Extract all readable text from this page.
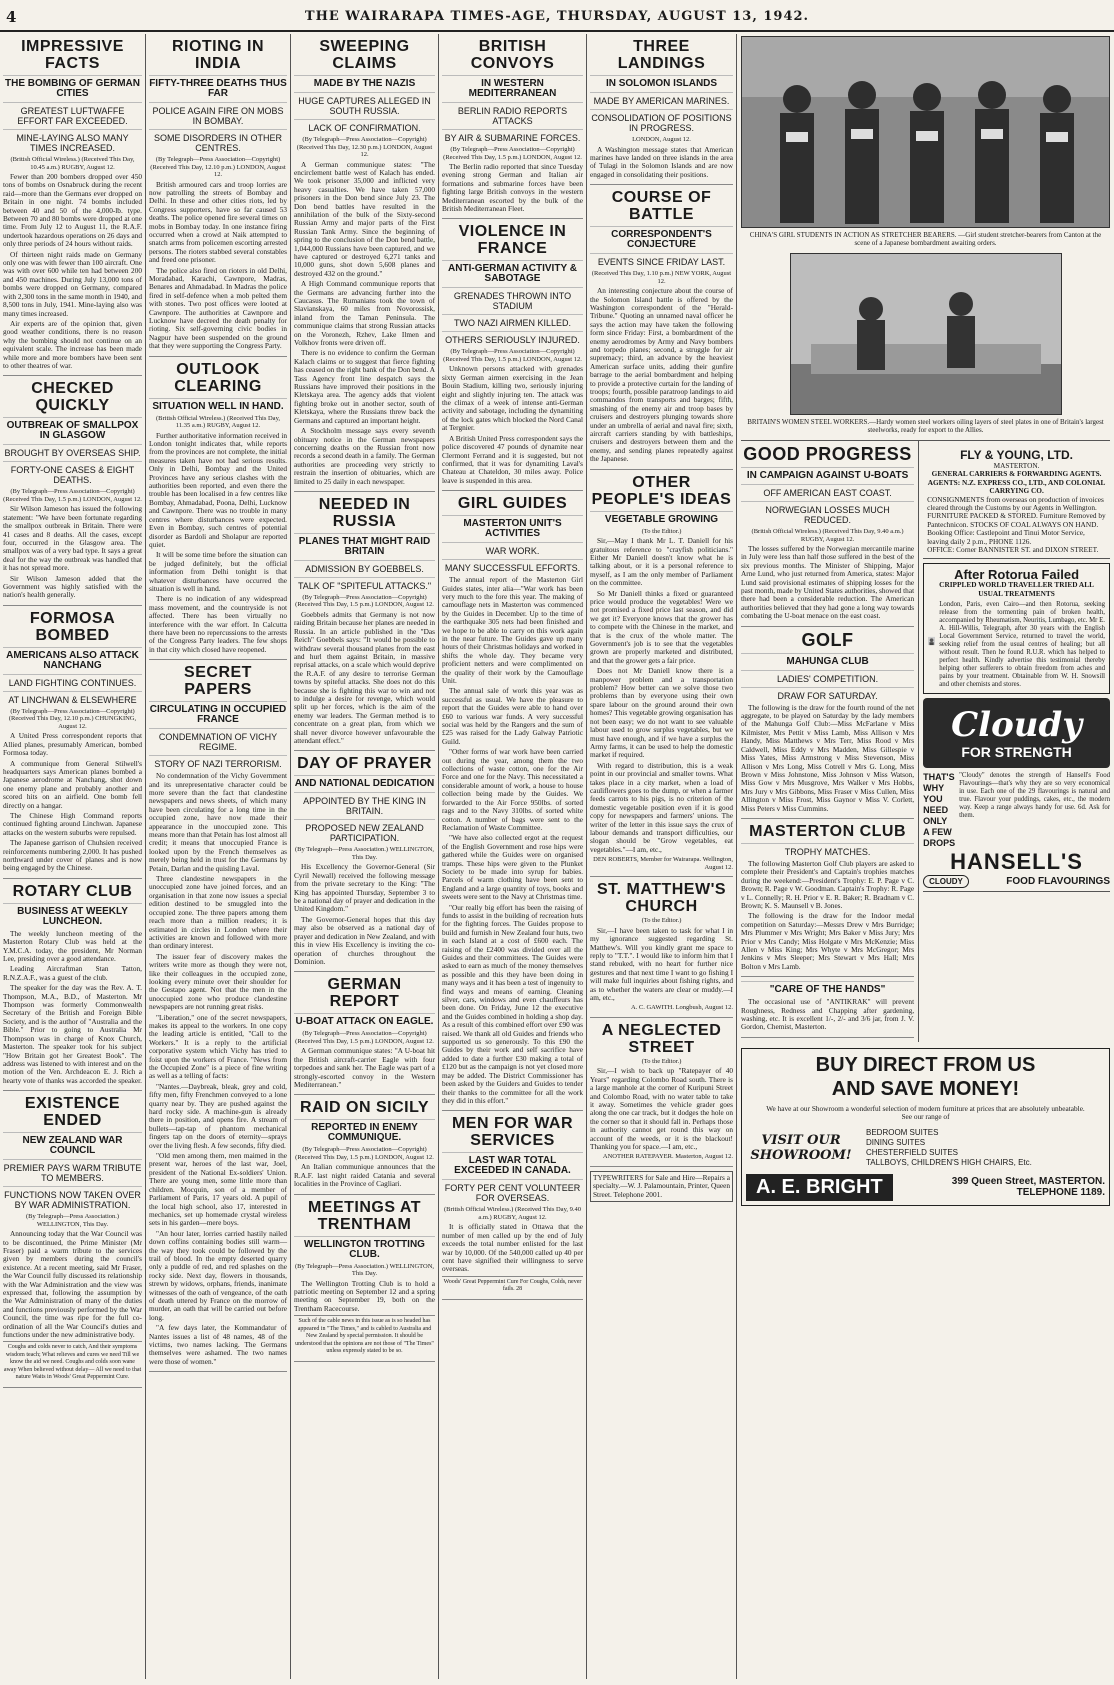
4	THE WAIRARAPA TIMES-AGE, THURSDAY, AUGUST 13, 1942.
IMPRESSIVE FACTS
THE BOMBING OF GERMAN CITIES
GREATEST LUFTWAFFE EFFORT FAR EXCEEDED.
MINE-LAYING ALSO MANY TIMES INCREASED.
(British Official Wireless.) (Received This Day, 10.45 a.m.) RUGBY, August 12.

Fewer than 200 bombers dropped over 450 tons of bombs on Osnabruck during the recent raid—more than the Germans ever dropped on Britain in one night. 74 bombs included between 40 and 50 of the 4,000-lb. type. Between 70 and 80 bombs were dropped at one time. From July 12 to August 11, the R.A.F. undertook hazardous operations on 26 days and only three periods of 24 hours without raids.

Of thirteen night raids made on Germany only one was with fewer than 100 aircraft. One was with over 600 while ten had between 200 and 450 machines. During July 13,000 tons of bombs were dropped on Germany, compared with 2,300 tons in the same month in 1940, and 8,500 tons in July, 1941. Mine-laying also was many times increased.

Air experts are of the opinion that, given good weather conditions, there is no reason why the bombing should not continue on an equivalent scale. The increase has been made while more and more bombers have been sent to other theatres of war.

CHECKED QUICKLY
OUTBREAK OF SMALLPOX IN GLASGOW
BROUGHT BY OVERSEAS SHIP.
FORTY-ONE CASES & EIGHT DEATHS.
(By Telegraph—Press Association—Copyright) (Received This Day, 1.5 p.m.) LONDON, August 12.

Sir Wilson Jameson has issued the following statement: "We have been fortunate regarding the smallpox outbreak in Britain. There were 41 cases and 8 deaths. All the cases, except four, occurred in the Glasgow area. The smallpox was of a very bad type. It says a great deal for the way the outbreak was handled that it has not spread more.

Sir Wilson Jameson added that the Government was highly satisfied with the nation's health generally.

FORMOSA BOMBED
AMERICANS ALSO ATTACK NANCHANG
LAND FIGHTING CONTINUES.
AT LINCHWAN & ELSEWHERE
(By Telegraph—Press Association—Copyright) (Received This Day, 12.10 p.m.) CHUNGKING, August 12.

A United Press correspondent reports that Allied planes, presumably American, bombed Formosa today.

A communique from General Stilwell's headquarters says American planes bombed a Japanese aerodrome at Nanchang, shot down one enemy plane and probably another and scored hits on an airfield. One bomb fell directly on a hangar.

The Chinese High Command reports continued fighting around Linchwan. Japanese attacks on the western suburbs were repulsed.

The Japanese garrison of Chuhsien received reinforcements numbering 2,000. It has pushed northward under cover of planes and is now being engaged by the Chinese.

ROTARY CLUB
BUSINESS AT WEEKLY LUNCHEON.

The weekly luncheon meeting of the Masterton Rotary Club was held at the Y.M.C.A. today, the president, Mr Norman Lee, presiding over a good attendance.

Leading Aircraftman Stan Tatton, R.N.Z.A.F., was a guest of the club.

The speaker for the day was the Rev. A. T. Thompson, M.A., B.D., of Masterton. Mr Thompson was formerly Commonwealth Secretary of the British and Foreign Bible Society, and is the author of "Australia and the Bible." Prior to going to Australia Mr Thompson was in charge of Knox Church, Masterton. The speaker took for his subject "How Britain got her Greatest Book". The address was listened to with interest and on the motion of the Ven. Archdeacon E. J. Rich a hearty vote of thanks was accorded the speaker.

EXISTENCE ENDED
NEW ZEALAND WAR COUNCIL
PREMIER PAYS WARM TRIBUTE TO MEMBERS.
FUNCTIONS NOW TAKEN OVER BY WAR ADMINISTRATION.
(By Telegraph—Press Association.) WELLINGTON, This Day.

Announcing today that the War Council was to be discontinued, the Prime Minister (Mr Fraser) paid a warm tribute to the services given by members during the council's existence. At a recent meeting, said Mr Fraser, the War Council fully discussed its relationship with the War Administration and the view was expressed that, following the assumption by the War Administration of many of the duties and functions previously performed by the War Council, the time was ripe for the full co-ordination of all the War Council's duties and functions under the new administrative body.

Coughs and colds never to catch, And their symptoms wisdom teach; What relieves and cures we need Till we know the aid we need. Coughs and colds soon wane away When believed without delay— All we need to that nature Waits in Woods' Great Peppermint Cure.
RIOTING IN INDIA
FIFTY-THREE DEATHS THUS FAR
POLICE AGAIN FIRE ON MOBS IN BOMBAY.
SOME DISORDERS IN OTHER CENTRES.
(By Telegraph—Press Association—Copyright) (Received This Day, 12.10 p.m.) LONDON, August 12.

British armoured cars and troop lorries are now patrolling the streets of Bombay and Delhi. In these and other cities riots, led by Congress supporters, have so far caused 53 deaths. The police opened fire several times on mobs in Bombay today. In one instance firing occurred when a crowd at Naik attempted to snatch arms from policemen escorting arrested persons. The rioters stabbed several constables and freed one prisoner.

The police also fired on rioters in old Delhi, Moradabad, Karachi, Cawnpore, Madras, Benares and Ahmadabad. In Madras the police fired in self-defence when a mob pelted them with stones. Two post offices were looted at Cawnpore. The authorities at Cawnpore and Lucknow have decreed the death penalty for rioting. Six self-governing civic bodies in Nagpur have been suspended on the ground that they were supporting the Congress Party.

OUTLOOK CLEARING
SITUATION WELL IN HAND.
(British Official Wireless.) (Received This Day, 11.35 a.m.) RUGBY, August 12.

Further authoritative information received in London tonight indicates that, while reports from the provinces are not complete, the initial measures taken have not had serious results. Only in Delhi, Bombay and the United Provinces have any serious clashes with the authorities been reported, and even there the trouble has been localised in a few centres like Bombay, Ahmadabad, Poona, Delhi, Lucknow and Cawnpore. There was no trouble in many centres where disturbances were expected. Even in Bombay, such centres of potential disorder as Bardoli and Sholapur are reported quiet.

It will be some time before the situation can be judged definitely, but the official information from Delhi tonight is that whatever disturbances have occurred the situation is well in hand.

There is no indication of any widespread mass movement, and the countryside is not affected. There has been virtually no interference with the war effort. In Calcutta there have been no repercussions to the arrests of the Congress Party leaders. The few shops in that city which closed have reopened.

SECRET PAPERS
CIRCULATING IN OCCUPIED FRANCE
CONDEMNATION OF VICHY REGIME.
STORY OF NAZI TERRORISM.

No condemnation of the Vichy Government and its unrepresentative character could be more severe than the fact that clandestine newspapers and news sheets, of which many have been circulating for a long time in the occupied zone, have now made their appearance in the unoccupied zone. This means more than that Petain has lost almost all credit; it means that unoccupied France is looked upon by the French themselves as merely being held in trust for the Germans by Petain, Darlan and the quisling Laval.

Three clandestine newspapers in the unoccupied zone have joined forces, and an organisation in that zone now issues a special edition destined to be smuggled into the occupied zone. The three papers among them reach more than a million readers; it is estimated in circles in London where their activities are known and followed with more than ordinary interest.

The issuer fear of discovery makes the writers write more as though they were not, like their colleagues in the occupied zone, looking every minute over their shoulder for the Gestapo agent. Not that the men in the unoccupied zone who produce clandestine newspapers are not running great risks.

"Liberation," one of the secret newspapers, makes its appeal to the workers. In one copy the leading article is entitled, "Call to the Workers." It is a reply to the artificial corporative system which Vichy has tried to foist upon the workers of France. "News from the Occupied Zone" is a piece of fine writing as well as a telling of facts:

"Nantes.—Daybreak, bleak, grey and cold, fifty men, fifty Frenchmen conveyed to a lone quarry near by. They are pushed against the hard rocky side. A machine-gun is already there in position, and opens fire. A stream of bullets—tap-tap of phantom mechanical fingers tap on the doors of eternity—sprays over the living flesh. A few seconds, fifty died.

"Old men among them, men maimed in the present war, heroes of the last war, Joel, president of the National Ex-soldiers' Union. There are young men, some little more than children. Mocquin, son of a member of Parliament of Paris, 17 years old. A pupil of the local high school, also 17, interested in mechanics, set up homemade crystal wireless sets in his garden—mere boys.

"An hour later, lorries carried hastily nailed down coffins containing bodies still warm—the way they took could be followed by the trail of blood. In the empty deserted quarry only a puddle of red, and red splashes on the rocky side. Next day, flowers in thousands, strewn by widows, orphans, friends, inanimate witnesses of the oath of vengeance, of the oath of death uttered by France on the morrow of murder, an oath that will be carried out before long.

"A few days later, the Kommandatur of Nantes issues a list of 48 names, 48 of the victims, two names lacking. The Germans themselves were ashamed. The two names were those of women."

SWEEPING CLAIMS
MADE BY THE NAZIS
HUGE CAPTURES ALLEGED IN SOUTH RUSSIA.
LACK OF CONFIRMATION.
(By Telegraph—Press Association—Copyright) (Received This Day, 12.30 p.m.) LONDON, August 12.

A German communique states: "The encirclement battle west of Kalach has ended. We took prisoner 35,000 and inflicted very heavy casualties. We have taken 57,000 prisoners in the Don bend since July 23. The Don bend battles have resulted in the annihilation of the bulk of the Sixty-second Russian Army and major parts of the First Russian Tank Army. Since the beginning of spring to the conclusion of the Don bend battle, 1,044,000 Russians have been captured, and we have captured or destroyed 6,271 tanks and 10,000 guns, shot down 5,608 planes and destroyed 432 on the ground."

A High Command communique reports that the Germans are advancing further into the Caucasus. The Rumanians took the town of Slavianskaya, 60 miles from Novorossisk, inland from the Taman Peninsula. The communique claims that strong Russian attacks on the Voronezh, Rzhev, Lake Ilmen and Volkhov fronts were driven off.

There is no evidence to confirm the German Kalach claims or to suggest that fierce fighting has ceased on the right bank of the Don bend. A Tass Agency front line despatch says the Russians have improved their positions in the Kletskaya area. The agency adds that violent fighting broke out in another sector, south of Kletskaya, where the Russians threw back the Germans and captured an important height.

A Stockholm message says every seventh obituary notice in the German newspapers concerning deaths on the Russian front now records a second death in a family. The German authorities are proceeding very strictly to restrain the insertion of obituaries, which are limited to 25 daily in each newspaper.

NEEDED IN RUSSIA
PLANES THAT MIGHT RAID BRITAIN
ADMISSION BY GOEBBELS.
TALK OF "SPITEFUL ATTACKS."
(By Telegraph—Press Association—Copyright) (Received This Day, 1.5 p.m.) LONDON, August 12.

Goebbels admits that Germany is not now raiding Britain because her planes are needed in Russia. In an article published in the "Das Reich" Goebbels says: "It would be possible to withdraw several thousand planes from the east and hurl them against Britain, in massive reprisal attacks, on a scale which would deprive the R.A.F. of any desire to terrorise German towns by spiteful attacks. She does not do this because she is fighting this war to win and not to indulge a desire for revenge, which would split up her forces, which is the aim of the enemy war leaders. The German method is to concentrate on a great plan, from which we shall never divorce however unfavourable the attendant effect."

DAY OF PRAYER
AND NATIONAL DEDICATION
APPOINTED BY THE KING IN BRITAIN.
PROPOSED NEW ZEALAND PARTICIPATION.
(By Telegraph—Press Association.) WELLINGTON, This Day.

His Excellency the Governor-General (Sir Cyril Newall) received the following message from the private secretary to the King: "The King has appointed Thursday, September 3 to be a national day of prayer and dedication in the United Kingdom."

The Governor-General hopes that this day may also be observed as a national day of prayer and dedication in New Zealand, and with this in view His Excellency is inviting the co-operation of churches throughout the Dominion.

GERMAN REPORT
U-BOAT ATTACK ON EAGLE.
(By Telegraph—Press Association—Copyright) (Received This Day, 1.5 p.m.) LONDON, August 12.

A German communique states: "A U-boat hit the British aircraft-carrier Eagle with four torpedoes and sank her. The Eagle was part of a strongly-escorted convoy in the Western Mediterranean."

RAID ON SICILY
REPORTED IN ENEMY COMMUNIQUE.
(By Telegraph—Press Association—Copyright) (Received This Day, 1.5 p.m.) LONDON, August 12.

An Italian communique announces that the R.A.F. last night raided Catania and several localities in the Province of Cagliari.

MEETINGS AT TRENTHAM
WELLINGTON TROTTING CLUB.
(By Telegraph—Press Association.) WELLINGTON, This Day.

The Wellington Trotting Club is to hold a patriotic meeting on September 12 and a spring meeting on September 19, both on the Trentham Racecourse.

Such of the cable news in this issue as is so headed has appeared in "The Times," and is cabled to Australia and New Zealand by special permission. It should be understood that the opinions are not those of "The Times" unless expressly stated to be so.
BRITISH CONVOYS
IN WESTERN MEDITERRANEAN
BERLIN RADIO REPORTS ATTACKS
BY AIR & SUBMARINE FORCES.
(By Telegraph—Press Association—Copyright) (Received This Day, 1.5 p.m.) LONDON, August 12.

The Berlin radio reported that since Tuesday evening strong German and Italian air formations and submarine forces have been fighting large British convoys in the western Mediterranean escorted by the bulk of the British Mediterranean Fleet.

VIOLENCE IN FRANCE
ANTI-GERMAN ACTIVITY & SABOTAGE
GRENADES THROWN INTO STADIUM
TWO NAZI AIRMEN KILLED.
OTHERS SERIOUSLY INJURED.
(By Telegraph—Press Association—Copyright) (Received This Day, 1.5 p.m.) LONDON, August 12.

Unknown persons attacked with grenades sixty German airmen exercising in the Jean Bouin Stadium, killing two, seriously injuring eight and slightly injuring ten. The attack was the climax of a week of intense anti-German activity and sabotage, including the dynamiting of the lock gates which blocked the Nord Canal at Tergnier.

A British United Press correspondent says the police discovered 47 pounds of dynamite near Clermont Ferrand and it is suggested, but not confirmed, that it was for dynamiting Laval's Chateau at Chateldon, 30 miles away. Police leave is suspended in this area.

GIRL GUIDES
MASTERTON UNIT'S ACTIVITIES
WAR WORK.
MANY SUCCESSFUL EFFORTS.

The annual report of the Masterton Girl Guides states, inter alia—"War work has been very much to the fore this year. The making of camouflage nets in Masterton was commenced by the Guides in December. Up to the time of the earthquake 305 nets had been finished and we hope to be able to carry on this work again in the near future. The Guides gave up many hours of their Christmas holidays and worked in shifts the whole day. They became very proficient netters and were complimented on the quality of their work by the Camouflage Unit.

The annual sale of work this year was as successful as usual. We have the pleasure to report that the Guides were able to hand over £60 to various war funds. A very successful social was held by the Rangers and the sum of £25 was raised for the Lady Galway Patriotic Guild.

"Other forms of war work have been carried out during the year, among them the two collections of waste cotton, one for the Air Force and one for the Navy. This necessitated a considerable amount of work, a house to house collection being made by the Guides. We forwarded to the Air Force 950lbs. of sorted rags and to the Navy 310lbs. of sorted white cotton. A number of bags were sent to the Reclamation of Waste Committee.

"We have also collected ergot at the request of the English Government and rose hips were gathered while the Guides were on organised tramps. These hips were given to the Plunket Society to be made into syrup for babies. Parcels of warm clothing have been sent to England and a large quantity of toys, books and sweets were sent to the Navy at Christmas time.

"Our really big effort has been the raising of funds to assist in the building of recreation huts for the fighting forces. The Guides propose to build and furnish in New Zealand four huts, two in each Island at a cost of £600 each. The raising of the £2400 was divided over all the Guides and their committees. The Guides were asked to earn as much of the money themselves as possible and this they have been doing in many ways and it has been a test of ingenuity to find ways and means of earning. Cleaning silver, cars, windows and even chauffeurs has been done. On Friday, June 12 the executive and the Guides combined in holding a shop day. As a result of this combined effort over £90 was raised. We thank all old Guides and friends who supported us so generously. To this £90 the Guides by their work and self sacrifice have added to date a further £30 making a total of £120 but as the campaign is not yet closed more may be added. The District Commissioner has been asked by the Guiders and Guides to tender their thanks to the committee for all the work they did in this effort."

MEN FOR WAR SERVICES
LAST WAR TOTAL EXCEEDED IN CANADA.
FORTY PER CENT VOLUNTEER FOR OVERSEAS.
(British Official Wireless.) (Received This Day, 9.40 a.m.) RUGBY, August 12.

It is officially stated in Ottawa that the number of men called up by the end of July exceeds the total number enlisted for the last war by 10,000. Of the 540,000 called up 40 per cent have signified their willingness to serve overseas.

Woods' Great Peppermint Cure For Coughs, Colds, never fails. 28
THREE LANDINGS
IN SOLOMON ISLANDS
MADE BY AMERICAN MARINES.
CONSOLIDATION OF POSITIONS IN PROGRESS.
LONDON, August 12.

A Washington message states that American marines have landed on three islands in the area of Tulagi in the Solomon Islands and are now engaged in consolidating their positions.

COURSE OF BATTLE
CORRESPONDENT'S CONJECTURE
EVENTS SINCE FRIDAY LAST.
(Received This Day, 1.10 p.m.) NEW YORK, August 12.

An interesting conjecture about the course of the Solomon Island battle is offered by the Washington correspondent of the "Herald-Tribune." Quoting an unnamed naval officer he says the action may have taken the following form since Friday: First, a bombardment of the enemy aerodromes by Army and Navy bombers and torpedo planes; second, a struggle for air supremacy; third, an advance by the heaviest American surface units, adding their gunfire barrage to the aerial bombardment and helping to provide a protective curtain for the landing of troops; fourth, possible paratroop landings to aid commandos from transports and barges; fifth, smashing of the enemy air and troop bases by cruisers and destroyers plunging towards shore under an umbrella of aerial and naval fire; sixth, aircraft carriers standing by with battleships, cruisers and destroyers between them and the enemy, and sending planes repeatedly against the Japanese.

OTHER PEOPLE'S IDEAS
VEGETABLE GROWING
(To the Editor.)

Sir,—May I thank Mr L. T. Daniell for his gratuitous reference to "crayfish politicians." Either Mr Daniell doesn't know what he is talking about, or it is a personal reference to myself, as I am the only member of Parliament on the committee.

So Mr Daniell thinks a fixed or guaranteed price would produce the vegetables! Were we not promised a fixed price last season, and did we get it? Everyone knows that the grower has to compete with the Chinese in the market, and that is the crux of the whole matter. The Government's job is to see that the vegetables grown are properly marketed and distributed, and that the grower gets a fair price.

Does not Mr Daniell know there is a manpower problem and a transportation problem? How better can we solve those two problems than by everyone using their own spare labour on the ground around their own homes? This vegetable growing organisation has not been easy; we do not want to see valuable labour used to grow surplus vegetables, but we must have enough, and if we have a surplus the Army farms, it can be used to help the domestic market if required.

With regard to distribution, this is a weak point in our provincial and smaller towns. What takes place in a city market, when a load of cauliflowers goes to the dump, or when a farmer feeds carrots to his pigs, is no criterion of the domestic vegetable position even if it is good copy for newspapers and farmers' unions. The writer of the letter in this issue says the crux of labour demands and transport difficulties, our slogan should be "Grow vegetables, eat vegetables."—I am, etc.,

DEN ROBERTS, Member for Wairarapa. Wellington, August 12.
ST. MATTHEW'S CHURCH
(To the Editor.)

Sir,—I have been taken to task for what I in my ignorance suggested regarding St. Matthew's. Will you kindly grant me space to reply to "T.T.". I would like to inform him that I stand rebuked, with no heart for further nice gestures and that next time I want to go fishing I will make full inquiries about fishing rights, and as to whether the waters are clear or muddy.—I am, etc.,

A. C. GAWITH. Longbush, August 12.
A NEGLECTED STREET
(To the Editor.)

Sir,—I wish to back up "Ratepayer of 40 Years" regarding Colombo Road south. There is a large manhole at the corner of Kuripuni Street and Colombo Road, with no water table to take it away. Sometimes the vehicle grader goes along the one car track, but it dodges the hole on the corner so that it should fall in. Perhaps those in authority cannot get round this way on account of the weeds, or it is the blackout! Thanking you for space.—I am, etc.,

ANOTHER RATEPAYER. Masterton, August 12.
TYPEWRITERS for Sale and Hire—Repairs a specialty.—W. J. Palamountain, Printer, Queen Street. Telephone 2001.
CHINA'S GIRL STUDENTS IN ACTION AS STRETCHER BEARERS. —Girl student stretcher-bearers from Canton at the scene of a Japanese bombardment awaiting orders.
BRITAIN'S WOMEN STEEL WORKERS.—Hardy women steel workers oiling layers of steel plates in one of Britain's largest steelworks, ready for export to the Allies.
GOOD PROGRESS
IN CAMPAIGN AGAINST U-BOATS
OFF AMERICAN EAST COAST.
NORWEGIAN LOSSES MUCH REDUCED.
(British Official Wireless.) (Received This Day, 9.40 a.m.) RUGBY, August 12.

The losses suffered by the Norwegian mercantile marine in July were less than half those suffered in the best of the six previous months. The Minister of Shipping, Major Arne Lund, who just returned from America, states: Major Lund said provisional estimates of shipping losses for the past month, made by United States authorities, showed that there had been a considerable reduction. The American authorities believed that they had gone a long way towards combating the U-boat menace on the east coast.

GOLF
MAHUNGA CLUB
LADIES' COMPETITION.
DRAW FOR SATURDAY.

The following is the draw for the fourth round of the net aggregate, to be played on Saturday by the lady members of the Mahunga Golf Club:—Miss McFarlane v Miss Kilmister, Mrs Pettit v Miss Lamb, Miss Allison v Mrs Handy, Miss Matthews v Mrs Terr, Miss Rood v Mrs Caldwell, Miss Eddy v Mrs Madden, Miss Gillespie v Miss Yates, Miss Armstrong v Miss Stevenson, Miss Allison v Mrs Long, Miss Cotrell v Mrs G. Long, Miss Brown v Miss Johnstone, Miss Johnson v Miss Watson, Miss Gow v Mrs Musgrove, Mrs Walker v Mrs Hobbs, Mrs Jury v Mrs Gibbons, Miss Fraser v Miss Cullen, Miss Allington v Miss Frost, Miss Gaynor v Miss V. Corlett, Miss Peters v Miss Cummins.

MASTERTON CLUB
TROPHY MATCHES.

The following Masterton Golf Club players are asked to complete their President's and Captain's trophies matches during the weekend:—President's Trophy: E. P. Page v C. Brown; R. Page v W. Goodman. Captain's Trophy: R. Page v L. Connelly; R. H. Prior v E. R. Baker; R. Bradnam v C. Brown; K. S. Maunsell v B. Jones.

The following is the draw for the Indoor medal competition on Saturday:—Messrs Drew v Mrs Burridge; Mrs Plummer v Mrs Wright; Mrs Baker v Miss Jury; Mrs Prior v Mrs Candy; Miss Holgate v Mrs McKenzie; Miss Allen v Miss King; Mrs Whyte v Mrs McGregor; Mrs Jenkins v Mrs Sleeper; Mrs Stewart v Mrs Hall; Mrs Bolton v Mrs Lamb.

"CARE OF THE HANDS"

The occasional use of "ANTIKRAK" will prevent Roughness, Redness and Chapping after gardening, washing, etc. It is excellent 1/-, 2/- and 3/6 jar, from J. V. Gordon, Chemist, Masterton.

FLY & YOUNG, LTD.
MASTERTON.
GENERAL CARRIERS & FORWARDING AGENTS.
AGENTS: N.Z. EXPRESS CO., LTD., AND COLONIAL CARRYING CO.
CONSIGNMENTS from overseas on production of invoices cleared through the Customs by our Agents in Wellington.
FURNITURE PACKED & STORED. Furniture Removed by Pantechnicon. STOCKS OF COAL ALWAYS ON HAND.
Booking Office: Castlepoint and Tinui Motor Service, leaving daily 2 p.m., PHONE 1126.
OFFICE: Corner BANNISTER ST. and DIXON STREET.
After Rotorua Failed
CRIPPLED WORLD TRAVELLER TRIED ALL USUAL TREATMENTS
London, Paris, even Cairo—and then Rotorua, seeking release from the tormenting pain of broken health, accompanied by Rheumatism, Neuritis, Lumbago, etc. Mr E. A. Hill-Willis, Telegraph, after 30 years with the English Local Government Service, returned to travel the world, seeking relief from the usual centres of healing; but all without result. Then he found R.U.R. which has helped to perfect health. Kindly advertise this testimonial thereby helping other sufferers to obtain freedom from aches and pains by your treatment. Obtainable from W. H. Snowsill and other chemists and stores.
Cloudy
FOR STRENGTH
THAT'S WHY YOU NEED ONLY A FEW DROPS
"Cloudy" denotes the strength of Hansell's Food Flavourings—that's why they are so very economical in use. Each one of the 29 flavourings is natural and true. Flavour your puddings, cakes, etc., the modern way. Keep a range always handy for use. 6d. Ask for them.
HANSELL'S
CLOUDY	FOOD FLAVOURINGS
BUY DIRECT FROM US
AND SAVE MONEY!
We have at our Showroom a wonderful selection of modern furniture at prices that are absolutely unbeatable. See our range of
VISIT OUR SHOWROOM!
BEDROOM SUITES
DINING SUITES
CHESTERFIELD SUITES
TALLBOYS, CHILDREN'S HIGH CHAIRS, Etc.
A. E. BRIGHT	399 Queen Street, MASTERTON.
TELEPHONE 1189.
